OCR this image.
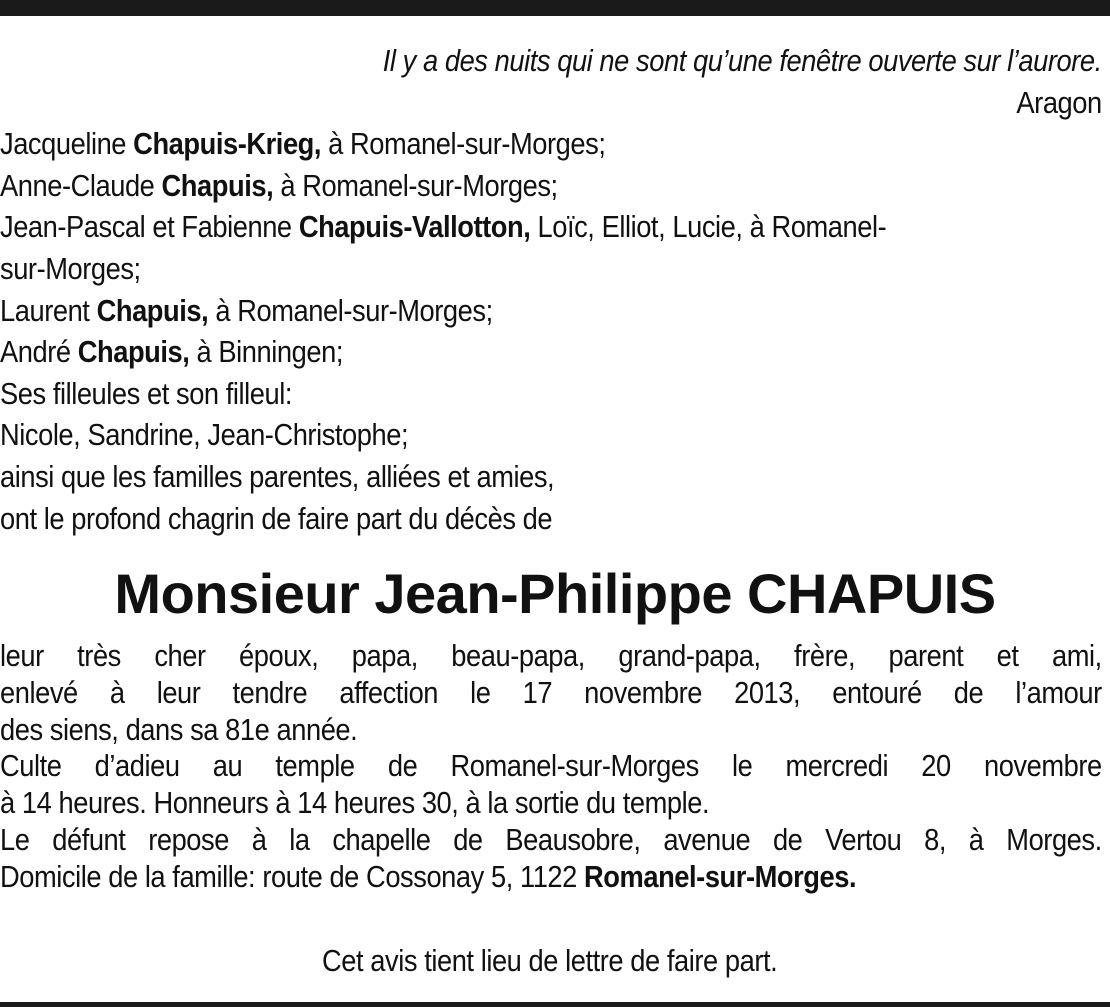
Il y a des nuits qui ne sont qu’une fenêtre ouverte sur l’aurore.

Aragon

Jacqueline Chapuis-Krieg, à Romanel-sur-Morges;

Anne-Claude Chapuis, à Romanel-sur-Morges;

Jean-Pascal et Fabienne Chapuis-Vallotton, Loïc, Elliot, Lucie, à Romanel-

sur-Morges;

Laurent Chapuis, à Romanel-sur-Morges;

André Chapuis, à Binningen;

Ses filleules et son filleul:

Nicole, Sandrine, Jean-Christophe;

ainsi que les familles parentes, alliées et amies,

ont le profond chagrin de faire part du décès de

Monsieur Jean-Philippe CHAPUIS

leur très cher époux, papa, beau-papa, grand-papa, frère, parent et ami,

enlevé à leur tendre affection le 17 novembre 2013, entouré de l’amour

des siens, dans sa 81e année.

Culte d’adieu au temple de Romanel-sur-Morges le mercredi 20 novembre

à 14 heures. Honneurs à 14 heures 30, à la sortie du temple.

Le défunt repose à la chapelle de Beausobre, avenue de Vertou 8, à Morges.

Domicile de la famille: route de Cossonay 5, 1122 Romanel-sur-Morges.

Cet avis tient lieu de lettre de faire part.
